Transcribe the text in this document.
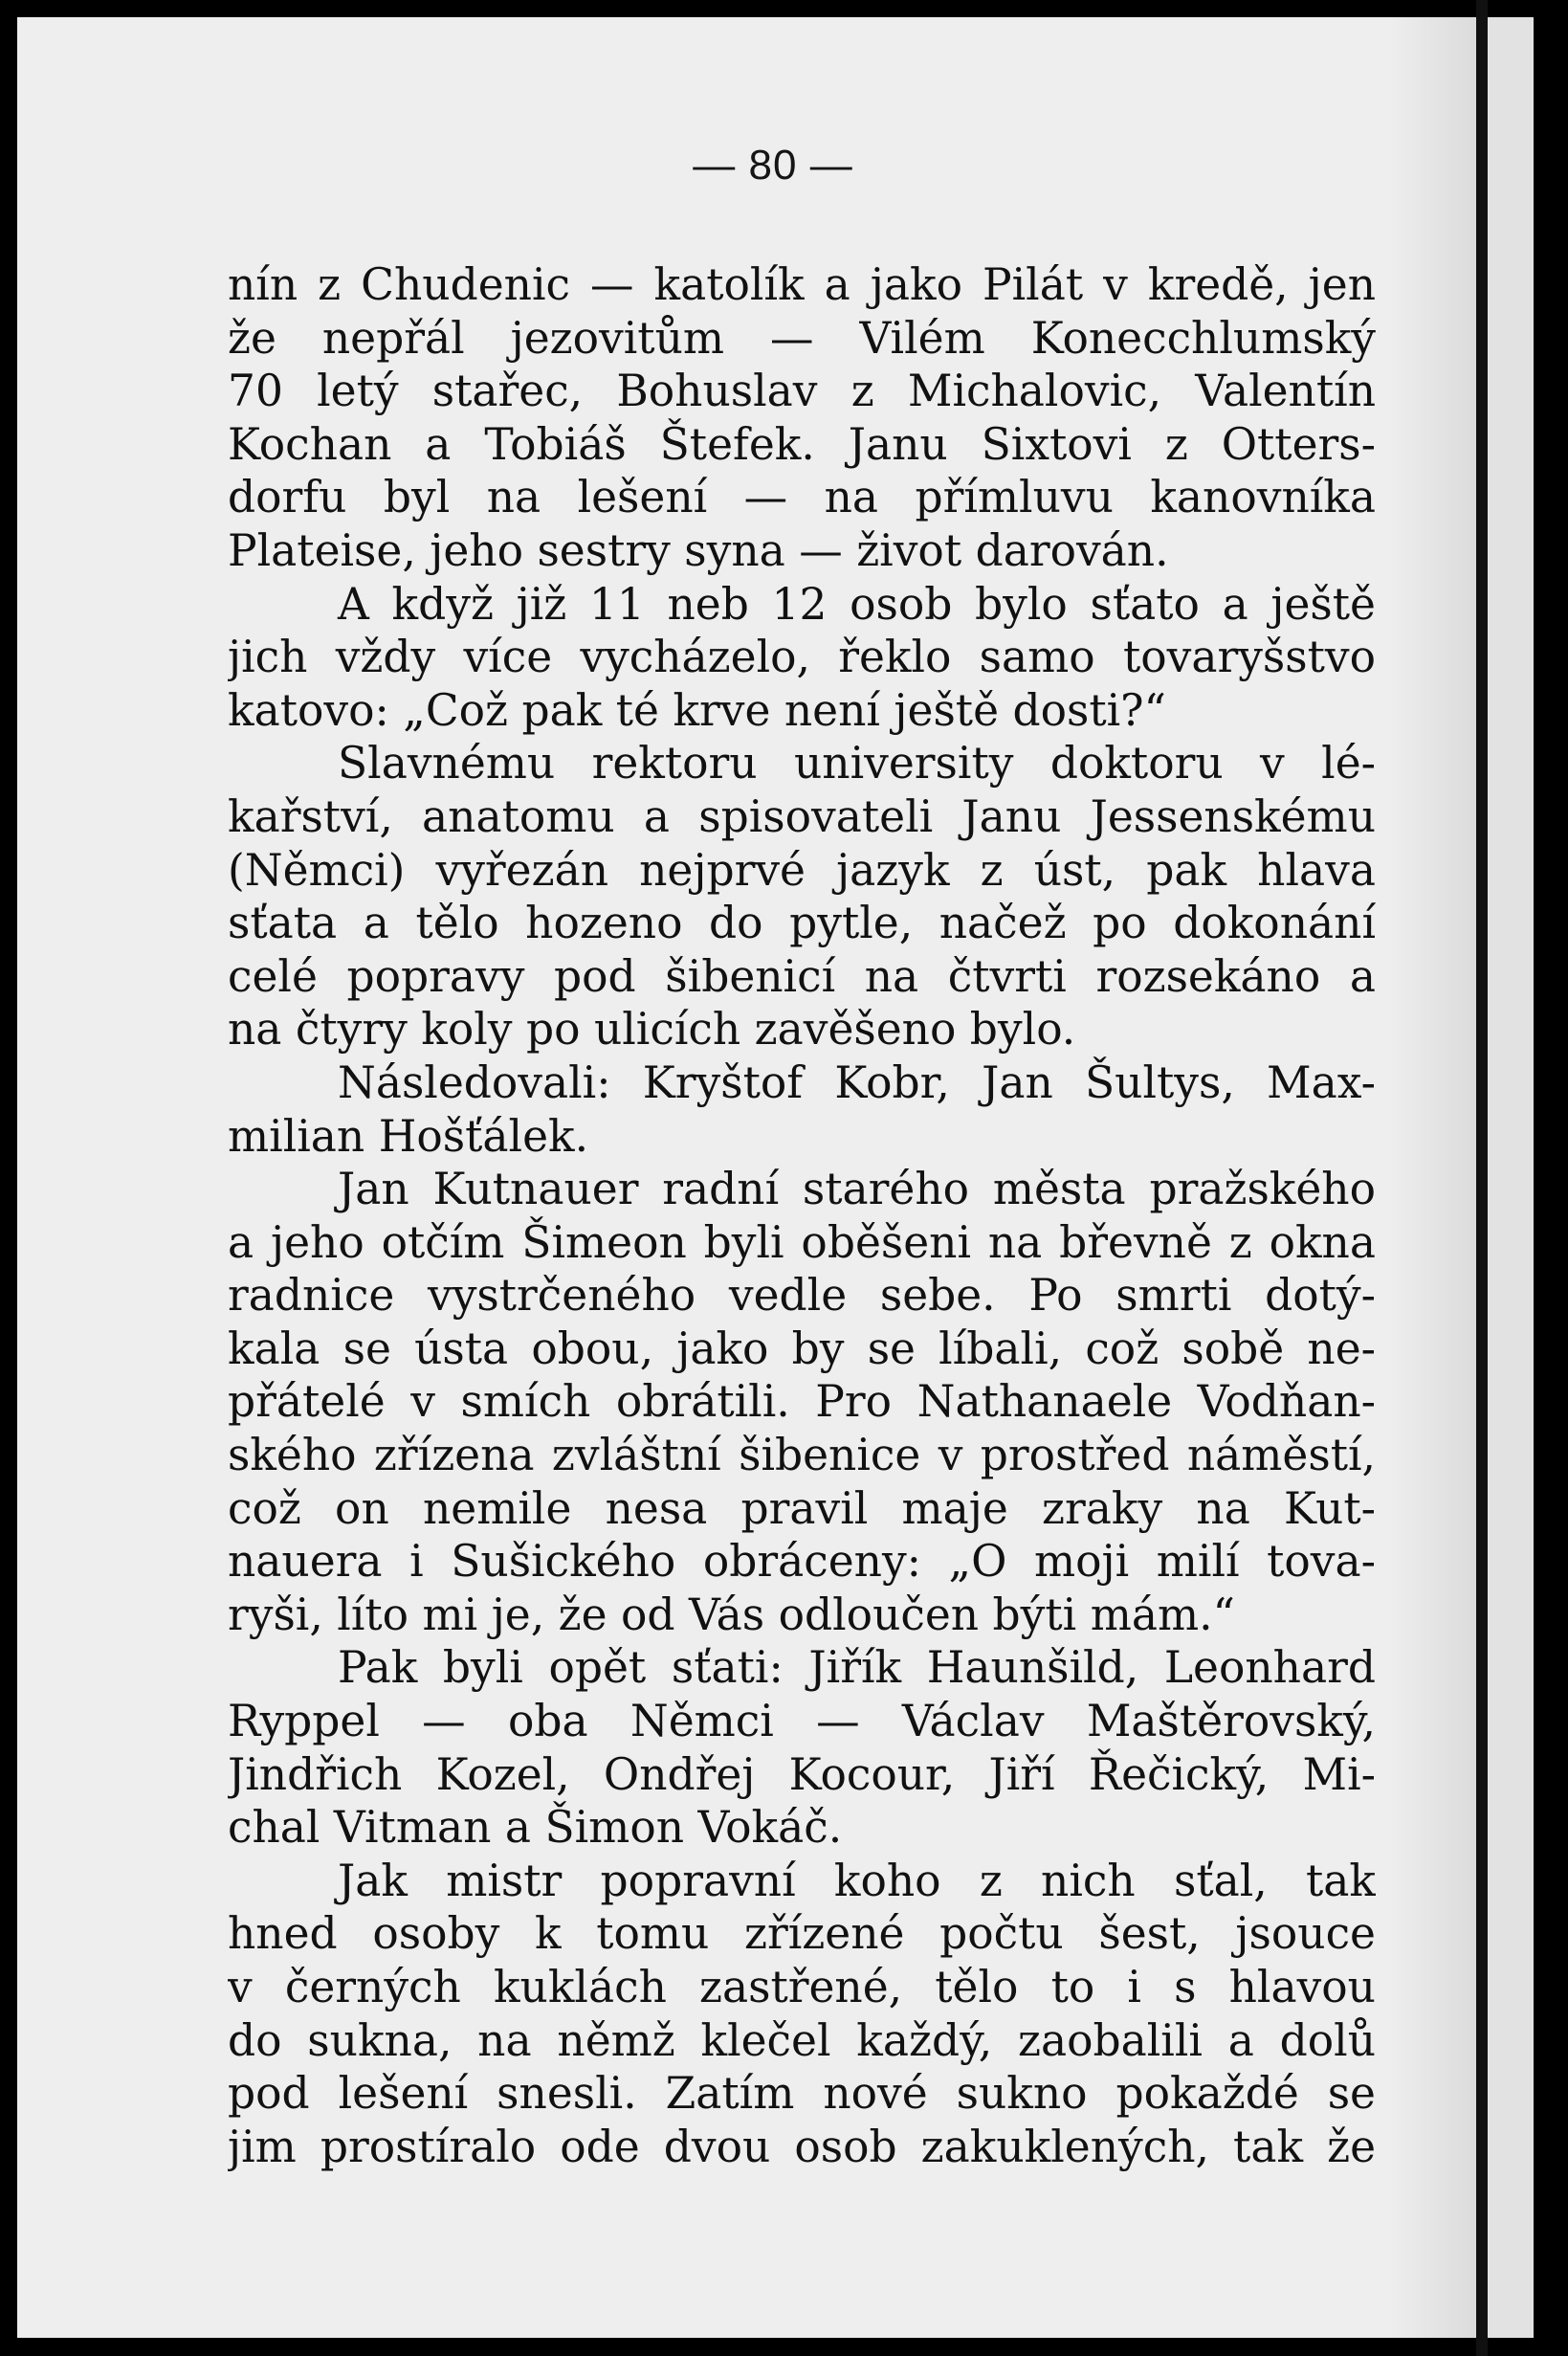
— 80 —
nín z Chudenic — katolík a jako Pilát v kredě, jen
že nepřál jezovitům — Vilém Konecchlumský
70 letý stařec, Bohuslav z Michalovic, Valentín
Kochan a Tobiáš Štefek. Janu Sixtovi z Otters-
dorfu byl na lešení — na přímluvu kanovníka
Plateise, jeho sestry syna — život darován.
A když již 11 neb 12 osob bylo sťato a ještě
jich vždy více vycházelo, řeklo samo tovaryšstvo
katovo: „Což pak té krve není ještě dosti?“
Slavnému rektoru university doktoru v lé-
kařství, anatomu a spisovateli Janu Jessenskému
(Němci) vyřezán nejprvé jazyk z úst, pak hlava
sťata a tělo hozeno do pytle, načež po dokonání
celé popravy pod šibenicí na čtvrti rozsekáno a
na čtyry koly po ulicích zavěšeno bylo.
Následovali: Kryštof Kobr, Jan Šultys, Max-
milian Hošťálek.
Jan Kutnauer radní starého města pražského
a jeho otčím Šimeon byli oběšeni na břevně z okna
radnice vystrčeného vedle sebe. Po smrti dotý-
kala se ústa obou, jako by se líbali, což sobě ne-
přátelé v smích obrátili. Pro Nathanaele Vodňan-
ského zřízena zvláštní šibenice v prostřed náměstí,
což on nemile nesa pravil maje zraky na Kut-
nauera i Sušického obráceny: „O moji milí tova-
ryši, líto mi je, že od Vás odloučen býti mám.“
Pak byli opět sťati: Jiřík Haunšild, Leonhard
Ryppel — oba Němci — Václav Maštěrovský,
Jindřich Kozel, Ondřej Kocour, Jiří Řečický, Mi-
chal Vitman a Šimon Vokáč.
Jak mistr popravní koho z nich sťal, tak
hned osoby k tomu zřízené počtu šest, jsouce
v černých kuklách zastřené, tělo to i s hlavou
do sukna, na němž klečel každý, zaobalili a dolů
pod lešení snesli. Zatím nové sukno pokaždé se
jim prostíralo ode dvou osob zakuklených, tak že
